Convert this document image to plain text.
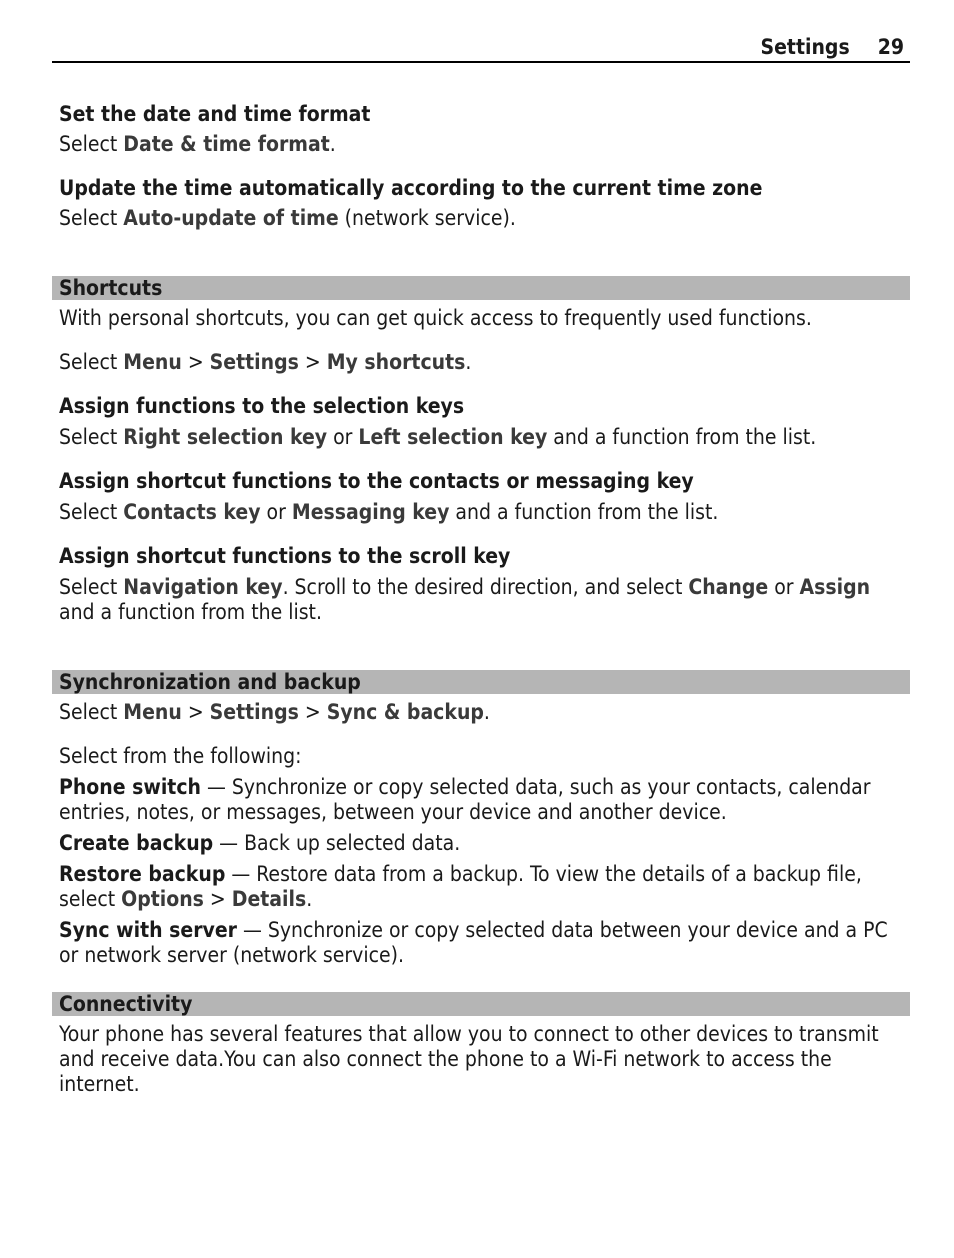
Settings 29
Set the date and time format
Select Date & time format.
Update the time automatically according to the current time zone
Select Auto-update of time (network service).
Shortcuts
With personal shortcuts, you can get quick access to frequently used functions.
Select Menu > Settings > My shortcuts.
Assign functions to the selection keys
Select Right selection key or Left selection key and a function from the list.
Assign shortcut functions to the contacts or messaging key
Select Contacts key or Messaging key and a function from the list.
Assign shortcut functions to the scroll key
Select Navigation key. Scroll to the desired direction, and select Change or Assign and a function from the list.
Synchronization and backup
Select Menu > Settings > Sync & backup.
Select from the following:
Phone switch — Synchronize or copy selected data, such as your contacts, calendar entries, notes, or messages, between your device and another device.
Create backup — Back up selected data.
Restore backup — Restore data from a backup. To view the details of a backup file, select Options > Details.
Sync with server — Synchronize or copy selected data between your device and a PC or network server (network service).
Connectivity
Your phone has several features that allow you to connect to other devices to transmit and receive data.You can also connect the phone to a Wi-Fi network to access the internet.
